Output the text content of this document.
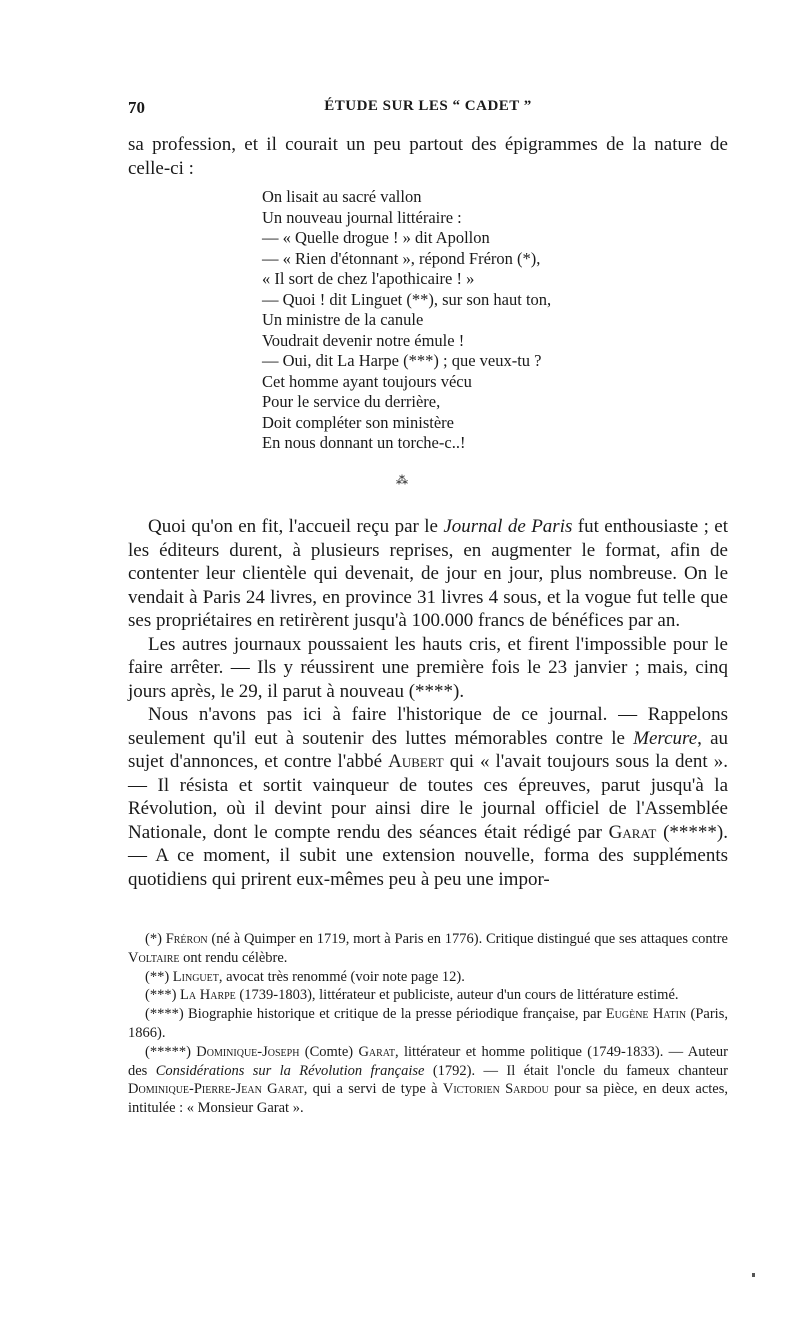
70	ÉTUDE SUR LES “ CADET ”

sa profession, et il courait un peu partout des épigrammes de la nature de celle-ci :

On lisait au sacré vallon
Un nouveau journal littéraire :
— « Quelle drogue ! » dit Apollon
— « Rien d'étonnant », répond Fréron (*),
« Il sort de chez l'apothicaire ! »
— Quoi ! dit Linguet (**), sur son haut ton,
Un ministre de la canule
Voudrait devenir notre émule !
— Oui, dit La Harpe (***) ; que veux-tu ?
Cet homme ayant toujours vécu
Pour le service du derrière,
Doit compléter son ministère
En nous donnant un torche-c..!
⁂

Quoi qu'on en fit, l'accueil reçu par le Journal de Paris fut enthousiaste ; et les éditeurs durent, à plusieurs reprises, en augmenter le format, afin de contenter leur clientèle qui devenait, de jour en jour, plus nombreuse. On le vendait à Paris 24 livres, en province 31 livres 4 sous, et la vogue fut telle que ses propriétaires en retirèrent jusqu'à 100.000 francs de bénéfices par an.

Les autres journaux poussaient les hauts cris, et firent l'impossible pour le faire arrêter. — Ils y réussirent une première fois le 23 janvier ; mais, cinq jours après, le 29, il parut à nouveau (****).

Nous n'avons pas ici à faire l'historique de ce journal. — Rappelons seulement qu'il eut à soutenir des luttes mémorables contre le Mercure, au sujet d'annonces, et contre l'abbé Aubert qui « l'avait toujours sous la dent ». — Il résista et sortit vainqueur de toutes ces épreuves, parut jusqu'à la Révolution, où il devint pour ainsi dire le journal officiel de l'Assemblée Nationale, dont le compte rendu des séances était rédigé par Garat (*****). — A ce moment, il subit une extension nouvelle, forma des suppléments quotidiens qui prirent eux-mêmes peu à peu une impor-

(*) Fréron (né à Quimper en 1719, mort à Paris en 1776). Critique distingué que ses attaques contre Voltaire ont rendu célèbre.

(**) Linguet, avocat très renommé (voir note page 12).

(***) La Harpe (1739-1803), littérateur et publiciste, auteur d'un cours de littérature estimé.

(****) Biographie historique et critique de la presse périodique française, par Eugène Hatin (Paris, 1866).

(*****) Dominique-Joseph (Comte) Garat, littérateur et homme politique (1749-1833). — Auteur des Considérations sur la Révolution française (1792). — Il était l'oncle du fameux chanteur Dominique-Pierre-Jean Garat, qui a servi de type à Victorien Sardou pour sa pièce, en deux actes, intitulée : « Monsieur Garat ».
